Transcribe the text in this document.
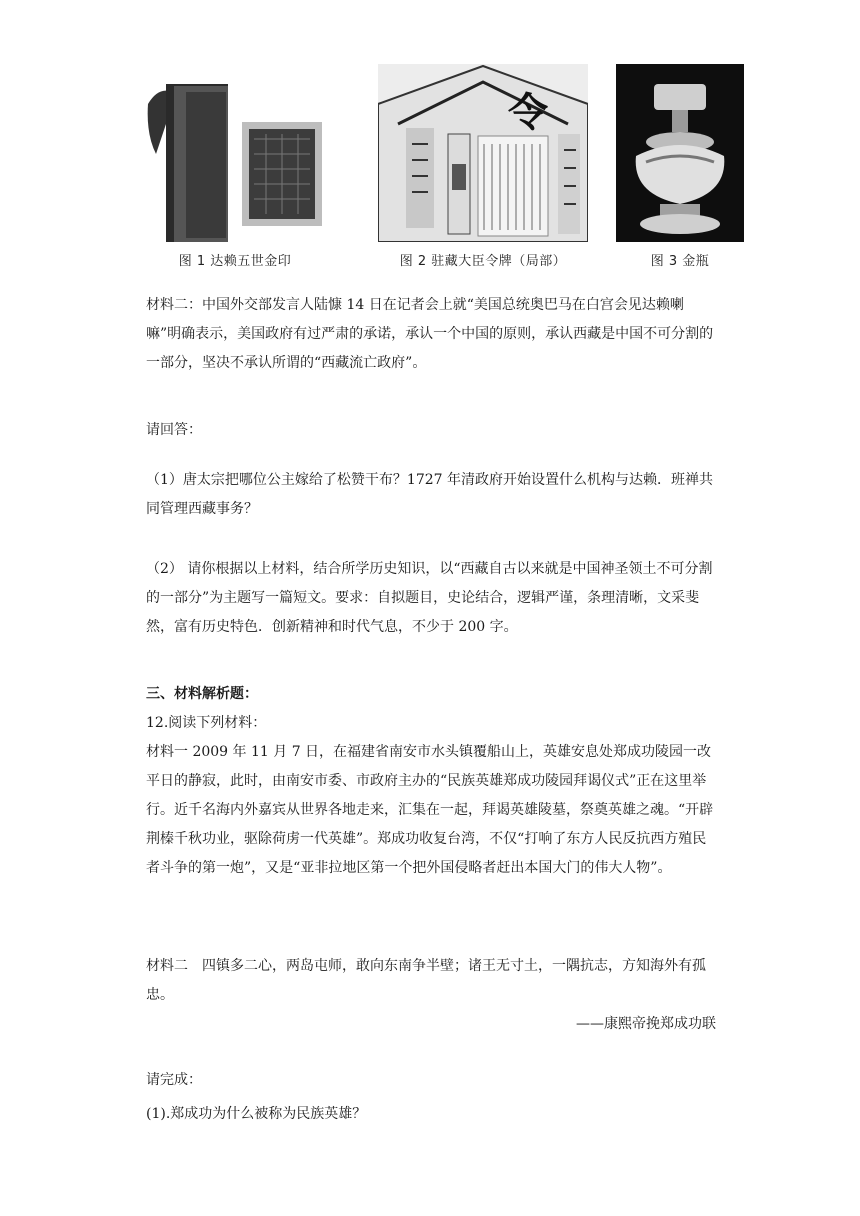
图 1 达赖五世金印
令
图 2 驻藏大臣令牌（局部）	图 3 金瓶

材料二：中国外交部发言人陆慷 14 日在记者会上就“美国总统奥巴马在白宫会见达赖喇嘛”明确表示，美国政府有过严肃的承诺，承认一个中国的原则，承认西藏是中国不可分割的一部分，坚决不承认所谓的“西藏流亡政府”。

请回答：
（1）唐太宗把哪位公主嫁给了松赞干布？1727 年清政府开始设置什么机构与达赖．班禅共同管理西藏事务？
（2） 请你根据以上材料，结合所学历史知识，以“西藏自古以来就是中国神圣领土不可分割的一部分”为主题写一篇短文。要求：自拟题目，史论结合，逻辑严谨，条理清晰，文采斐然，富有历史特色．创新精神和时代气息，不少于 200 字。
三、材料解析题：
12.阅读下列材料：
材料一 2009 年 11 月 7 日，在福建省南安市水头镇覆船山上，英雄安息处郑成功陵园一改平日的静寂，此时，由南安市委、市政府主办的“民族英雄郑成功陵园拜谒仪式”正在这里举行。近千名海内外嘉宾从世界各地走来，汇集在一起，拜谒英雄陵墓，祭奠英雄之魂。“开辟荆榛千秋功业，驱除荷虏一代英雄”。郑成功收复台湾，不仅“打响了东方人民反抗西方殖民者斗争的第一炮”，又是“亚非拉地区第一个把外国侵略者赶出本国大门的伟大人物”。
材料二　四镇多二心，两岛屯师，敢向东南争半壁；诸王无寸土，一隅抗志，方知海外有孤忠。
——康熙帝挽郑成功联
请完成：
(1).郑成功为什么被称为民族英雄？
